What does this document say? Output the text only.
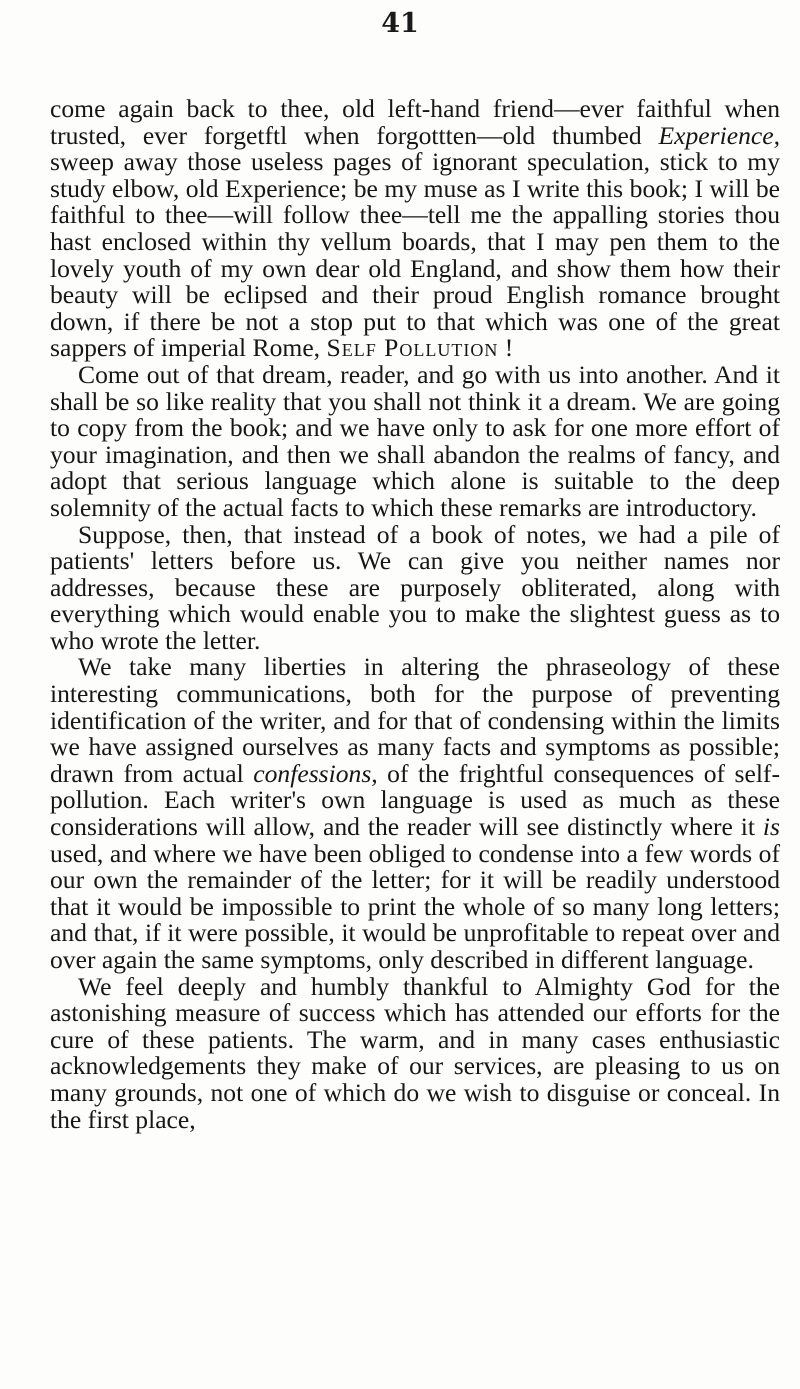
41

come again back to thee, old left-hand friend—ever faithful when trusted, ever forgetftl when forgottten—old thumbed Experience, sweep away those useless pages of ignorant speculation, stick to my study elbow, old Experience; be my muse as I write this book; I will be faithful to thee—will follow thee—tell me the appalling stories thou hast enclosed within thy vellum boards, that I may pen them to the lovely youth of my own dear old England, and show them how their beauty will be eclipsed and their proud English romance brought down, if there be not a stop put to that which was one of the great sappers of imperial Rome, Self Pollution !

Come out of that dream, reader, and go with us into another. And it shall be so like reality that you shall not think it a dream. We are going to copy from the book; and we have only to ask for one more effort of your imagination, and then we shall abandon the realms of fancy, and adopt that serious language which alone is suitable to the deep solemnity of the actual facts to which these remarks are introductory.

Suppose, then, that instead of a book of notes, we had a pile of patients' letters before us. We can give you neither names nor addresses, because these are purposely obliterated, along with everything which would enable you to make the slightest guess as to who wrote the letter.

We take many liberties in altering the phraseology of these interesting communications, both for the purpose of preventing identification of the writer, and for that of condensing within the limits we have assigned ourselves as many facts and symptoms as possible; drawn from actual confessions, of the frightful consequences of self-pollution. Each writer's own language is used as much as these considerations will allow, and the reader will see distinctly where it is used, and where we have been obliged to condense into a few words of our own the remainder of the letter; for it will be readily understood that it would be impossible to print the whole of so many long letters; and that, if it were possible, it would be unprofitable to repeat over and over again the same symptoms, only described in different language.

We feel deeply and humbly thankful to Almighty God for the astonishing measure of success which has attended our efforts for the cure of these patients. The warm, and in many cases enthusiastic acknowledgements they make of our services, are pleasing to us on many grounds, not one of which do we wish to disguise or conceal. In the first place,
